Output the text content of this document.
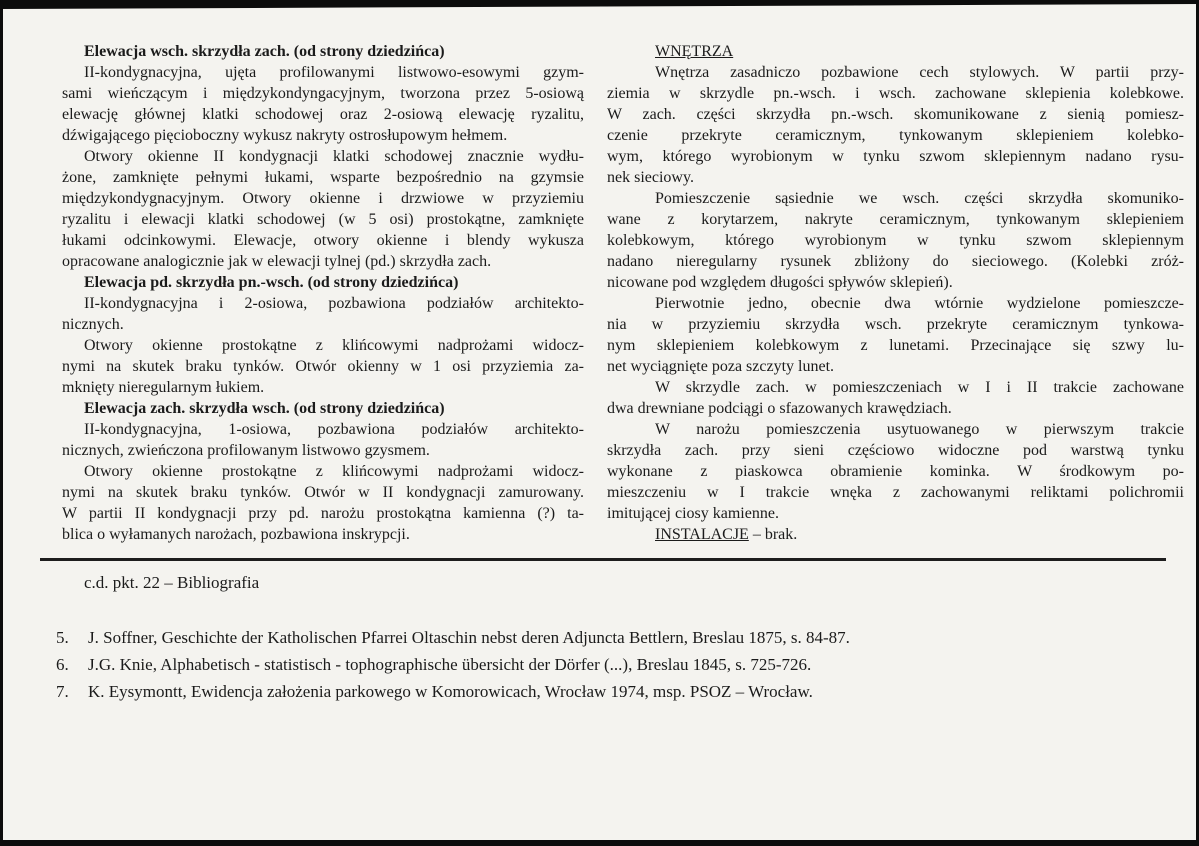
Elewacja wsch. skrzydła zach. (od strony dziedzińca)
II-kondygnacyjna, ujęta profilowanymi listwowo-esowymi gzym-
sami wieńczącym i międzykondyngacyjnym, tworzona przez 5-osiową
elewację głównej klatki schodowej oraz 2-osiową elewację ryzalitu,
dźwigającego pięcioboczny wykusz nakryty ostrosłupowym hełmem.
Otwory okienne II kondygnacji klatki schodowej znacznie wydłu-
żone, zamknięte pełnymi łukami, wsparte bezpośrednio na gzymsie
międzykondygnacyjnym. Otwory okienne i drzwiowe w przyziemiu
ryzalitu i elewacji klatki schodowej (w 5 osi) prostokątne, zamknięte
łukami odcinkowymi. Elewacje, otwory okienne i blendy wykusza
opracowane analogicznie jak w elewacji tylnej (pd.) skrzydła zach.
Elewacja pd. skrzydła pn.-wsch. (od strony dziedzińca)
II-kondygnacyjna i 2-osiowa, pozbawiona podziałów architekto-
nicznych.
Otwory okienne prostokątne z klińcowymi nadprożami widocz-
nymi na skutek braku tynków. Otwór okienny w 1 osi przyziemia za-
mknięty nieregularnym łukiem.
Elewacja zach. skrzydła wsch. (od strony dziedzińca)
II-kondygnacyjna, 1-osiowa, pozbawiona podziałów architekto-
nicznych, zwieńczona profilowanym listwowo gzysmem.
Otwory okienne prostokątne z klińcowymi nadprożami widocz-
nymi na skutek braku tynków. Otwór w II kondygnacji zamurowany.
W partii II kondygnacji przy pd. narożu prostokątna kamienna (?) ta-
blica o wyłamanych narożach, pozbawiona inskrypcji.
WNĘTRZA
Wnętrza zasadniczo pozbawione cech stylowych. W partii przy-
ziemia w skrzydle pn.-wsch. i wsch. zachowane sklepienia kolebkowe.
W zach. części skrzydła pn.-wsch. skomunikowane z sienią pomiesz-
czenie przekryte ceramicznym, tynkowanym sklepieniem kolebko-
wym, którego wyrobionym w tynku szwom sklepiennym nadano rysu-
nek sieciowy.
Pomieszczenie sąsiednie we wsch. części skrzydła skomuniko-
wane z korytarzem, nakryte ceramicznym, tynkowanym sklepieniem
kolebkowym, którego wyrobionym w tynku szwom sklepiennym
nadano nieregularny rysunek zbliżony do sieciowego. (Kolebki zróż-
nicowane pod względem długości spływów sklepień).
Pierwotnie jedno, obecnie dwa wtórnie wydzielone pomieszcze-
nia w przyziemiu skrzydła wsch. przekryte ceramicznym tynkowa-
nym sklepieniem kolebkowym z lunetami. Przecinające się szwy lu-
net wyciągnięte poza szczyty lunet.
W skrzydle zach. w pomieszczeniach w I i II trakcie zachowane
dwa drewniane podciągi o sfazowanych krawędziach.
W narożu pomieszczenia usytuowanego w pierwszym trakcie
skrzydła zach. przy sieni częściowo widoczne pod warstwą tynku
wykonane z piaskowca obramienie kominka. W środkowym po-
mieszczeniu w I trakcie wnęka z zachowanymi reliktami polichromii
imitującej ciosy kamienne.
INSTALACJE – brak.
c.d. pkt. 22 – Bibliografia
5. J. Soffner, Geschichte der Katholischen Pfarrei Oltaschin nebst deren Adjuncta Bettlern, Breslau 1875, s. 84-87.
6. J.G. Knie, Alphabetisch - statistisch - tophographische übersicht der Dörfer (...), Breslau 1845, s. 725-726.
7. K. Eysymontt, Ewidencja założenia parkowego w Komorowicach, Wrocław 1974, msp. PSOZ – Wrocław.
